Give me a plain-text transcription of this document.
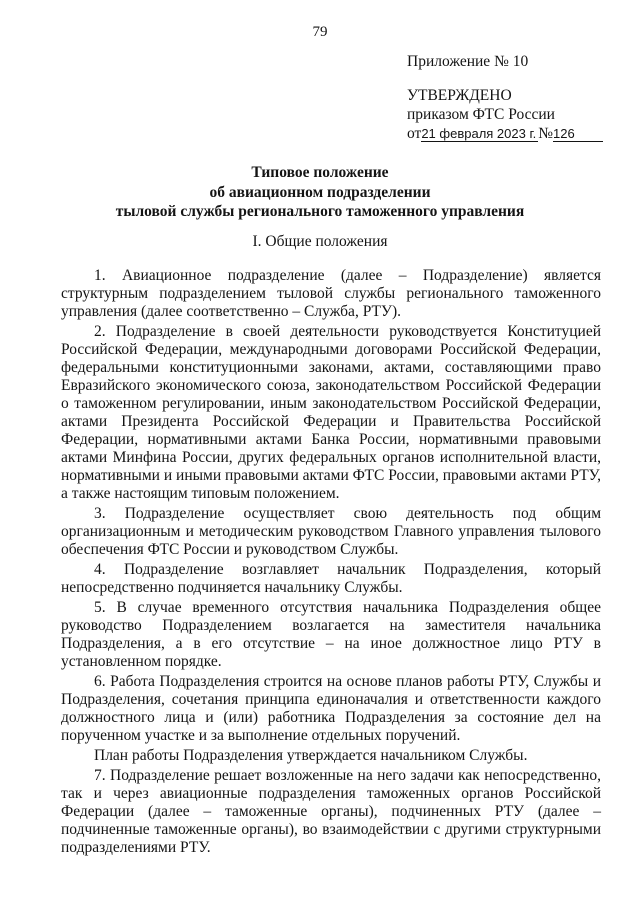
79
Приложение № 10
УТВЕРЖДЕНО
приказом ФТС России
от21 февраля 2023 г. №126
Типовое положение
об авиационном подразделении
тыловой службы регионального таможенного управления
I. Общие положения

1. Авиационное подразделение (далее – Подразделение) является структурным подразделением тыловой службы регионального таможенного управления (далее соответственно – Служба, РТУ).

2. Подразделение в своей деятельности руководствуется Конституцией Российской Федерации, международными договорами Российской Федерации, федеральными конституционными законами, актами, составляющими право Евразийского экономического союза, законодательством Российской Федерации о таможенном регулировании, иным законодательством Российской Федерации, актами Президента Российской Федерации и Правительства Российской Федерации, нормативными актами Банка России, нормативными правовыми актами Минфина России, других федеральных органов исполнительной власти, нормативными и иными правовыми актами ФТС России, правовыми актами РТУ, а также настоящим типовым положением.

3. Подразделение осуществляет свою деятельность под общим организационным и методическим руководством Главного управления тылового обеспечения ФТС России и руководством Службы.

4. Подразделение возглавляет начальник Подразделения, который непосредственно подчиняется начальнику Службы.

5. В случае временного отсутствия начальника Подразделения общее руководство Подразделением возлагается на заместителя начальника Подразделения, а в его отсутствие – на иное должностное лицо РТУ в установленном порядке.

6. Работа Подразделения строится на основе планов работы РТУ, Службы и Подразделения, сочетания принципа единоначалия и ответственности каждого должностного лица и (или) работника Подразделения за состояние дел на порученном участке и за выполнение отдельных поручений.

План работы Подразделения утверждается начальником Службы.

7. Подразделение решает возложенные на него задачи как непосредственно, так и через авиационные подразделения таможенных органов Российской Федерации (далее – таможенные органы), подчиненных РТУ (далее – подчиненные таможенные органы), во взаимодействии с другими структурными подразделениями РТУ.
